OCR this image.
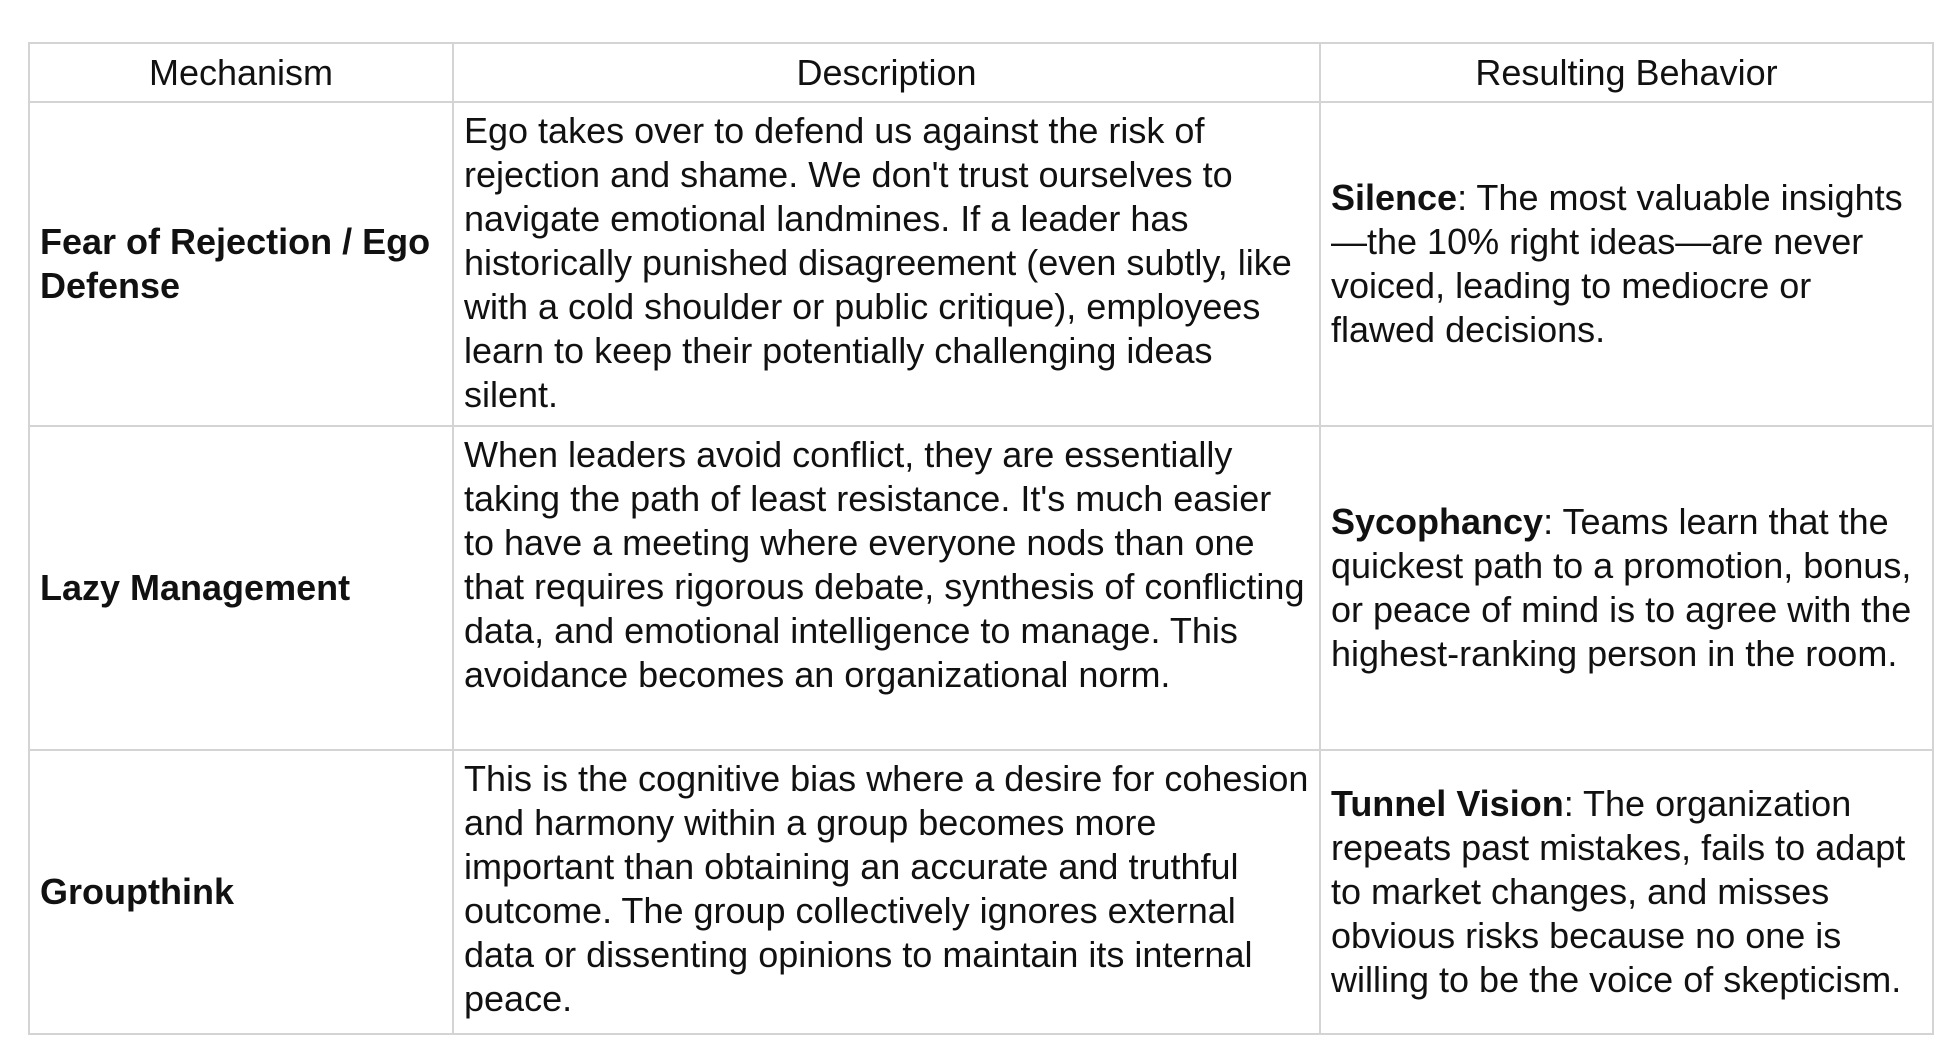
Mechanism	Description	Resulting Behavior
Fear of Rejection / Ego Defense	Ego takes over to defend us against the risk of rejection and shame. We don't trust ourselves to navigate emotional landmines. If a leader has historically punished disagreement (even subtly, like with a cold shoulder or public critique), employees learn to keep their potentially challenging ideas silent.	Silence: The most valuable insights—the 10% right ideas—are never voiced, leading to mediocre or flawed decisions.
Lazy Management	When leaders avoid conflict, they are essentially taking the path of least resistance. It's much easier to have a meeting where everyone nods than one that requires rigorous debate, synthesis of conflicting data, and emotional intelligence to manage. This avoidance becomes an organizational norm.	Sycophancy: Teams learn that the quickest path to a promotion, bonus, or peace of mind is to agree with the highest-ranking person in the room.
Groupthink	This is the cognitive bias where a desire for cohesion and harmony within a group becomes more important than obtaining an accurate and truthful outcome. The group collectively ignores external data or dissenting opinions to maintain its internal peace.	Tunnel Vision: The organization repeats past mistakes, fails to adapt to market changes, and misses obvious risks because no one is willing to be the voice of skepticism.
